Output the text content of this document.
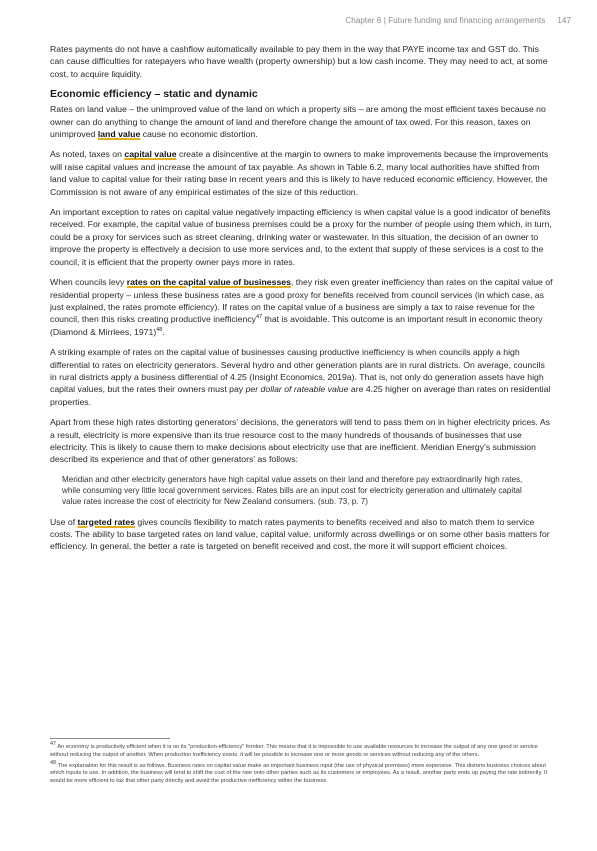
Chapter 6 | Future funding and financing arrangements 147

Rates payments do not have a cashflow automatically available to pay them in the way that PAYE income tax and GST do. This can cause difficulties for ratepayers who have wealth (property ownership) but a low cash income. They may need to act, at some cost, to acquire liquidity.

Economic efficiency – static and dynamic

Rates on land value – the unimproved value of the land on which a property sits – are among the most efficient taxes because no owner can do anything to change the amount of land and therefore change the amount of tax owed. For this reason, taxes on unimproved land value cause no economic distortion.

As noted, taxes on capital value create a disincentive at the margin to owners to make improvements because the improvements will raise capital values and increase the amount of tax payable. As shown in Table 6.2, many local authorities have shifted from land value to capital value for their rating base in recent years and this is likely to have reduced economic efficiency. However, the Commission is not aware of any empirical estimates of the size of this reduction.

An important exception to rates on capital value negatively impacting efficiency is when capital value is a good indicator of benefits received. For example, the capital value of business premises could be a proxy for the number of people using them which, in turn, could be a proxy for services such as street cleaning, drinking water or wastewater. In this situation, the decision of an owner to improve the property is effectively a decision to use more services and, to the extent that supply of these services is a cost to the council, it is efficient that the property owner pays more in rates.

When councils levy rates on the capital value of businesses, they risk even greater inefficiency than rates on the capital value of residential property – unless these business rates are a good proxy for benefits received from council services (in which case, as just explained, the rates promote efficiency). If rates on the capital value of a business are simply a tax to raise revenue for the council, then this risks creating productive inefficiency$^{47}$ that is avoidable. This outcome is an important result in economic theory (Diamond & Mirrlees, 1971)$^{48}$.

A striking example of rates on the capital value of businesses causing productive inefficiency is when councils apply a high differential to rates on electricity generators. Several hydro and other generation plants are in rural districts. On average, councils in rural districts apply a business differential of 4.25 (Insight Economics, 2019a). That is, not only do generation assets have high capital values, but the rates their owners must pay per dollar of rateable value are 4.25 higher on average than rates on residential properties.

Apart from these high rates distorting generators' decisions, the generators will tend to pass them on in higher electricity prices. As a result, electricity is more expensive than its true resource cost to the many hundreds of thousands of businesses that use electricity. This is likely to cause them to make decisions about electricity use that are inefficient. Meridian Energy's submission described its experience and that of other generators' as follows:

Meridian and other electricity generators have high capital value assets on their land and therefore pay extraordinarily high rates, while consuming very little local government services. Rates bills are an input cost for electricity generation and ultimately capital value rates increase the cost of electricity for New Zealand consumers. (sub. 73, p. 7)

Use of targeted rates gives councils flexibility to match rates payments to benefits received and also to match them to service costs. The ability to base targeted rates on land value, capital value, uniformly across dwellings or on some other basis matters for efficiency. In general, the better a rate is targeted on benefit received and cost, the more it will support efficient choices.

$^{47}$ An economy is productivity efficient when it is on its "production-efficiency" frontier. This means that it is impossible to use available resources to increase the output of any one good or service without reducing the output of another. When production inefficiency exists, it will be possible to increase one or more goods or services without reducing any of the others.

$^{48}$ The explanation for this result is as follows. Business rates on capital value make an important business input (the use of physical premises) more expensive. This distorts business choices about which inputs to use. In addition, the business will tend to shift the cost of the rate onto other parties such as its customers or employees. As a result, another party ends up paying the rate indirectly. It would be more efficient to tax that other party directly and avoid the productive inefficiency within the business.
